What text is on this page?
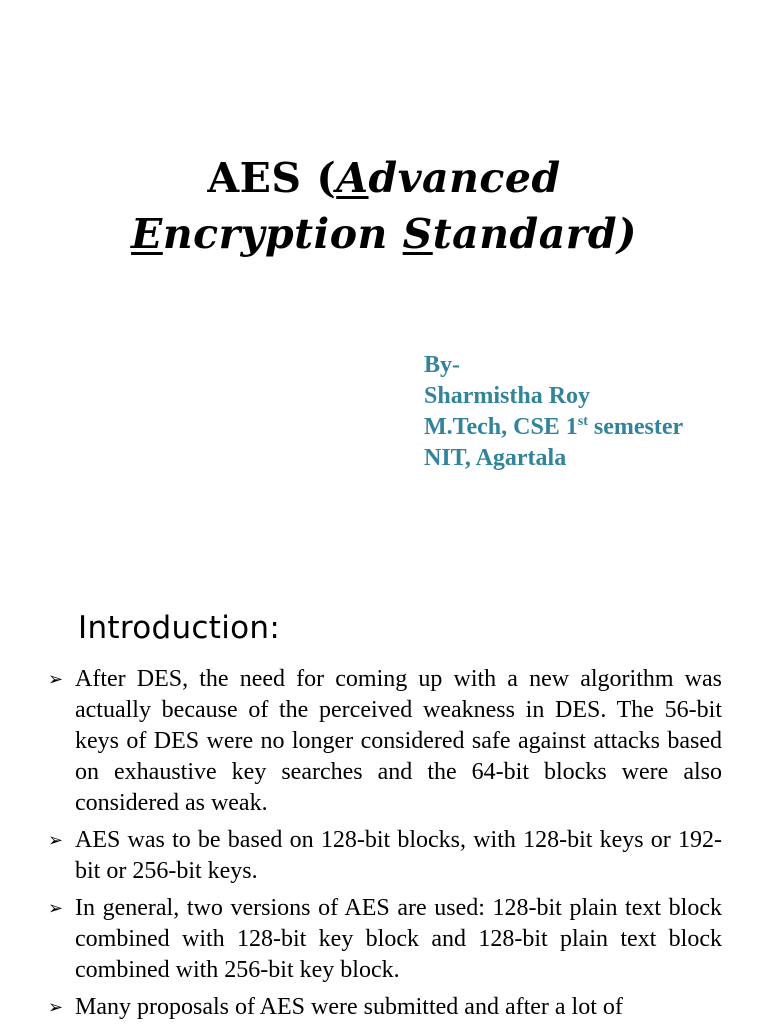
AES (Advanced
Encryption Standard)
By-
Sharmistha Roy
M.Tech, CSE 1st semester
NIT, Agartala
Introduction:
➢ After DES, the need for coming up with a new algorithm was actually because of the perceived weakness in DES. The 56-bit keys of DES were no longer considered safe against attacks based on exhaustive key searches and the 64-bit blocks were also considered as weak.
➢ AES was to be based on 128-bit blocks, with 128-bit keys or 192-bit or 256-bit keys.
➢ In general, two versions of AES are used: 128-bit plain text block combined with 128-bit key block and 128-bit plain text block combined with 256-bit key block.
➢ Many proposals of AES were submitted and after a lot of
